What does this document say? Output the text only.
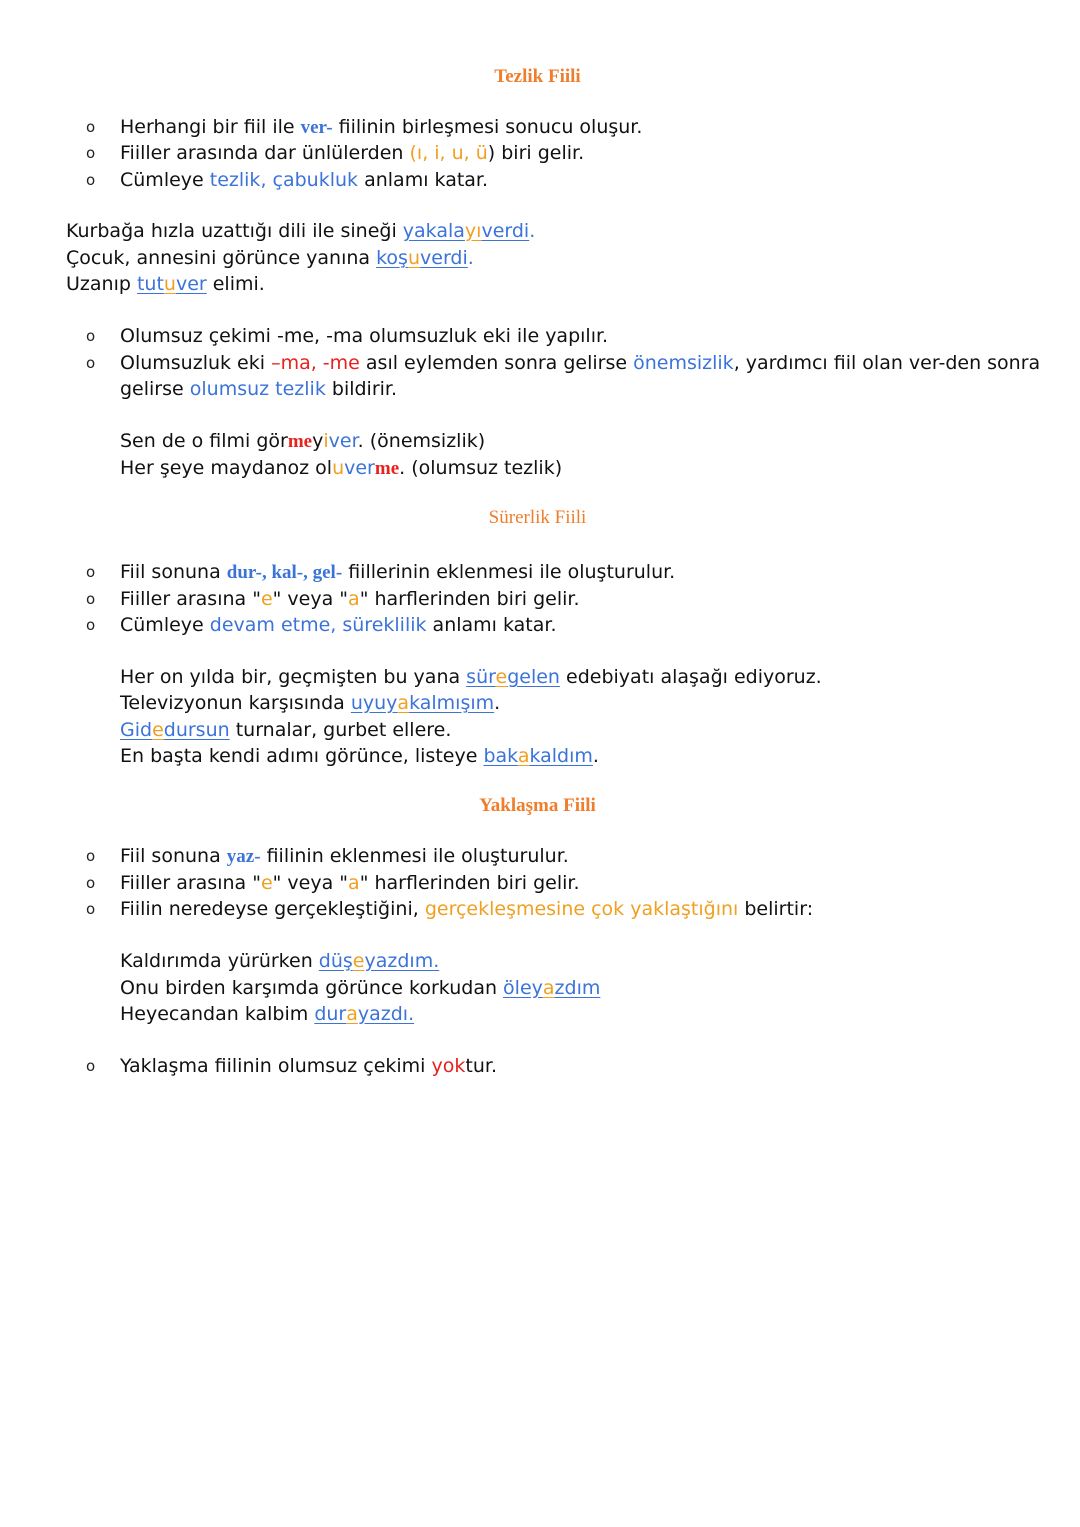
Tezlik Fiili
o Herhangi bir fiil ile ver- fiilinin birleşmesi sonucu oluşur.
o Fiiller arasında dar ünlülerden (ı, i, u, ü) biri gelir.
o Cümleye tezlik, çabukluk anlamı katar.
Kurbağa hızla uzattığı dili ile sineği yakalayıverdi.
Çocuk, annesini görünce yanına koşuverdi.
Uzanıp tutuver elimi.
o Olumsuz çekimi -me, -ma olumsuzluk eki ile yapılır.
o Olumsuzluk eki –ma, -me asıl eylemden sonra gelirse önemsizlik, yardımcı fiil olan ver-den sonra
gelirse olumsuz tezlik bildirir.
Sen de o filmi görmeyiver. (önemsizlik)
Her şeye maydanoz oluverme. (olumsuz tezlik)
Sürerlik Fiili
o Fiil sonuna dur-, kal-, gel- fiillerinin eklenmesi ile oluşturulur.
o Fiiller arasına "e" veya "a" harflerinden biri gelir.
o Cümleye devam etme, süreklilik anlamı katar.
Her on yılda bir, geçmişten bu yana süregelen edebiyatı alaşağı ediyoruz.
Televizyonun karşısında uyuyakalmışım.
Gidedursun turnalar, gurbet ellere.
En başta kendi adımı görünce, listeye bakakaldım.
Yaklaşma Fiili
o Fiil sonuna yaz- fiilinin eklenmesi ile oluşturulur.
o Fiiller arasına "e" veya "a" harflerinden biri gelir.
o Fiilin neredeyse gerçekleştiğini, gerçekleşmesine çok yaklaştığını belirtir:
Kaldırımda yürürken düşeyazdım.
Onu birden karşımda görünce korkudan öleyazdım
Heyecandan kalbim durayazdı.
o Yaklaşma fiilinin olumsuz çekimi yoktur.
